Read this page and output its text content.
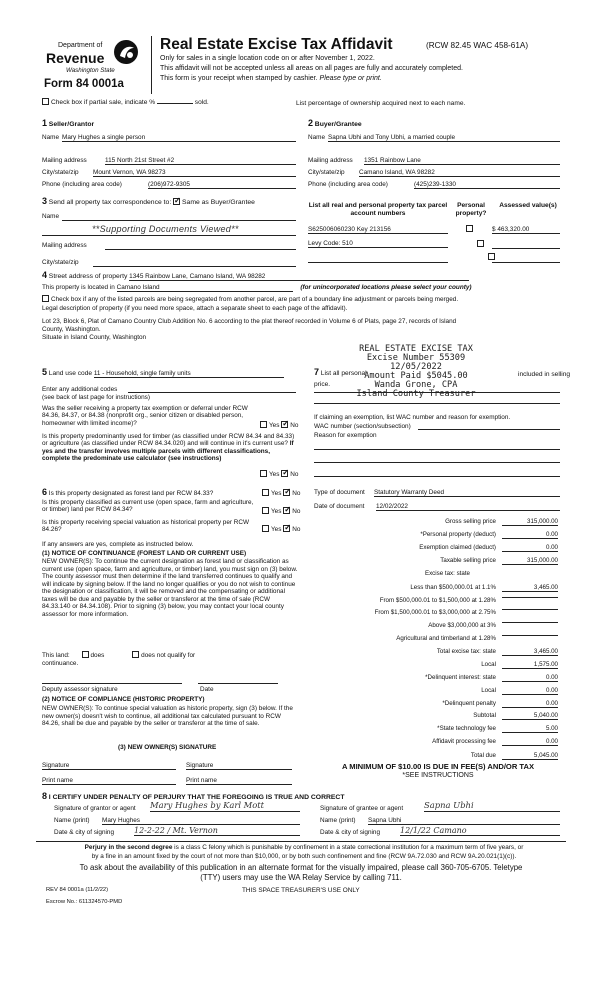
Department of
Revenue
Washington State
Form 84 0001a
Real Estate Excise Tax Affidavit	(RCW 82.45 WAC 458-61A)
Only for sales in a single location code on or after November 1, 2022.
This affidavit will not be accepted unless all areas on all pages are fully and accurately completed.
This form is your receipt when stamped by cashier. Please type or print.
Check box if partial sale, indicate %	sold.	List percentage of ownership acquired next to each name.
1 Seller/Grantor
Name Mary Hughes a single person
Mailing address	115 North 21st Street #2
City/state/zip Mount Vernon, WA 98273
Phone (including area code)	(206)972-9305
2 Buyer/Grantee
Name Sapna Ubhi and Tony Ubhi, a married couple
Mailing address 1351 Rainbow Lane
City/state/zip Camano Island, WA 98282
Phone (including area code)	(425)239-1330
3 Send all property tax correspondence to: ✓ Same as Buyer/Grantee
Name
**Supporting Documents Viewed**
Mailing address
City/state/zip
List all real and personal property tax parcel account numbers
Personal property?
Assessed value(s)
S625006060230 Key 213156
	$ 463,320.00
Levy Code: 510

4 Street address of property 1345 Rainbow Lane, Camano Island, WA 98282
This property is located in Camano Island	(for unincorporated locations please select your county)
Check box if any of the listed parcels are being segregated from another parcel, are part of a boundary line adjustment or parcels being merged.
Legal description of property (if you need more space, attach a separate sheet to each page of the affidavit).
Lot 23, Block 6, Plat of Camano Country Club Addition No. 6 according to the plat thereof recorded in Volume 6 of Plats, page 27, records of Island
County, Washington.
Situate in Island County, Washington
REAL ESTATE EXCISE TAX
Excise Number 55309
12/05/2022
Amount Paid $5045.00
Wanda Grone, CPA
Island County Treasurer
5 Land use code 11 - Household, single family units
Enter any additional codes
(see back of last page for instructions)
Was the seller receiving a property tax exemption or deferral under RCW 84.36, 84.37, or 84.38 (nonprofit org., senior citizen or disabled person, homeowner with limited income)?	Yes ✓ No
Is this property predominantly used for timber (as classified under RCW 84.34 and 84.33) or agriculture (as classified under RCW 84.34.020) and will continue in it's current use? If yes and the transfer involves multiple parcels with different classifications, complete the predominate use calculator (see instructions)
Yes ✓ No
7 List all personal	included in selling
price.
If claiming an exemption, list WAC number and reason for exemption.
WAC number (section/subsection)
Reason for exemption
6 Is this property designated as forest land per RCW 84.33?	Yes ✓ No
Is this property classified as current use (open space, farm and agriculture, or timber) land per RCW 84.34?	Yes ✓ No
Is this property receiving special valuation as historical property per RCW 84.26?	Yes ✓ No
If any answers are yes, complete as instructed below.
(1) NOTICE OF CONTINUANCE (FOREST LAND OR CURRENT USE)
NEW OWNER(S): To continue the current designation as forest land or classification as current use (open space, farm and agriculture, or timber) land, you must sign on (3) below. The county assessor must then determine if the land transferred continues to qualify and will indicate by signing below. If the land no longer qualifies or you do not wish to continue the designation or classification, it will be removed and the compensating or additional taxes will be due and payable by the seller or transferor at the time of sale (RCW 84.33.140 or 84.34.108). Prior to signing (3) below, you may contact your local county assessor for more information.
This land:	does	does not qualify for
continuance.
Deputy assessor signature	Date
(2) NOTICE OF COMPLIANCE (HISTORIC PROPERTY)
NEW OWNER(S): To continue special valuation as historic property, sign (3) below. If the new owner(s) doesn't wish to continue, all additional tax calculated pursuant to RCW 84.26, shall be due and payable by the seller or transferor at the time of sale.
(3) NEW OWNER(S) SIGNATURE
Signature	Signature
Print name	Print name
Type of document Statutory Warranty Deed
Date of document 12/02/2022
Gross selling price	315,000.00
*Personal property (deduct)	0.00
Exemption claimed (deduct)	0.00
Taxable selling price	315,000.00
Excise tax: state
Less than $500,000.01 at 1.1%	3,465.00
From $500,000.01 to $1,500,000 at 1.28%
From $1,500,000.01 to $3,000,000 at 2.75%
Above $3,000,000 at 3%
Agricultural and timberland at 1.28%
Total excise tax: state	3,465.00
Local	1,575.00
*Delinquent interest: state	0.00
Local	0.00
*Delinquent penalty	0.00
Subtotal	5,040.00
*State technology fee	5.00
Affidavit processing fee	0.00
Total due	5,045.00
A MINIMUM OF $10.00 IS DUE IN FEE(S) AND/OR TAX
*SEE INSTRUCTIONS
8 I CERTIFY UNDER PENALTY OF PERJURY THAT THE FOREGOING IS TRUE AND CORRECT
Signature of grantor or agent Mary Hughes by Karl Mott
Name (print) Mary Hughes
Date & city of signing 12-2-22 / Mt. Vernon
Signature of grantee or agent Sapna Ubhi
Name (print) Sapna Ubhi
Date & city of signing 12/1/22 Camano
Perjury in the second degree is a class C felony which is punishable by confinement in a state correctional institution for a maximum term of five years, or
by a fine in an amount fixed by the court of not more than $10,000, or by both such confinement and fine (RCW 9A.72.030 and RCW 9A.20.021(1)(c)).
To ask about the availability of this publication in an alternate format for the visually impaired, please call 360-705-6705. Teletype
(TTY) users may use the WA Relay Service by calling 711.
REV 84 0001a (11/2/22)	THIS SPACE TREASURER'S USE ONLY
Escrow No.: 611324570-PMD
